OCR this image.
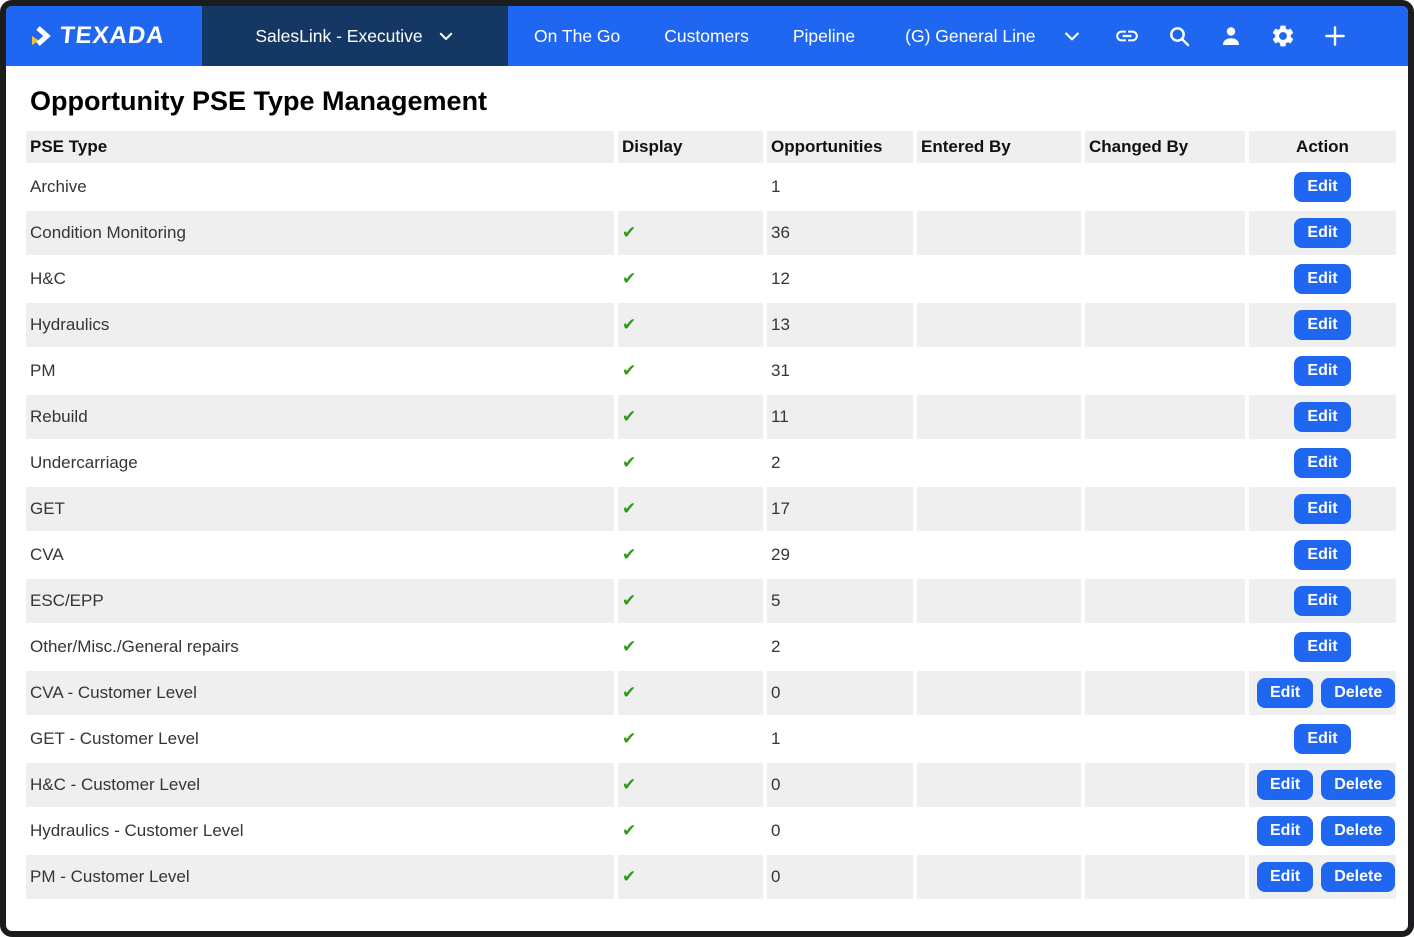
TEXADA	SalesLink - Executive	On The Go	Customers	Pipeline	(G) General Line
Opportunity PSE Type Management
PSE Type	Display	Opportunities	Entered By	Changed By	Action
Archive		1			Edit
Condition Monitoring	✔	36			Edit
H&C	✔	12			Edit
Hydraulics	✔	13			Edit
PM	✔	31			Edit
Rebuild	✔	11			Edit
Undercarriage	✔	2			Edit
GET	✔	17			Edit
CVA	✔	29			Edit
ESC/EPP	✔	5			Edit
Other/Misc./General repairs	✔	2			Edit
CVA - Customer Level	✔	0			Edit Delete
GET - Customer Level	✔	1			Edit
H&C - Customer Level	✔	0			Edit Delete
Hydraulics - Customer Level	✔	0			Edit Delete
PM - Customer Level	✔	0			Edit Delete
